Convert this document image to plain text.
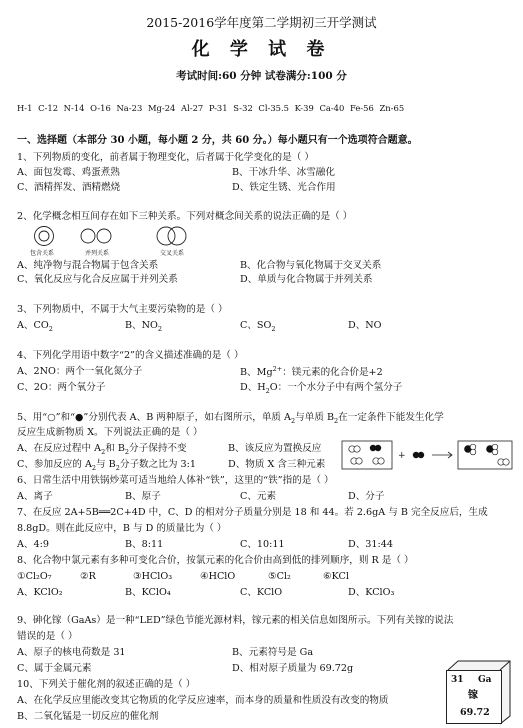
2015-2016学年度第二学期初三开学测试
化 学 试 卷
考试时间:60 分钟 试卷满分:100 分
H-1 C-12 N-14 O-16 Na-23 Mg-24 Al-27 P-31 S-32 Cl-35.5 K-39 Ca-40 Fe-56 Zn-65
一、选择题（本部分 30 小题，每小题 2 分，共 60 分。）每小题只有一个选项符合题意。
1、下列物质的变化，前者属于物理变化，后者属于化学变化的是（ ）
A、面包发霉、鸡蛋煮熟	B、干冰升华、冰雪融化
C、酒精挥发、酒精燃烧	D、铁定生锈、光合作用
2、化学概念相互间存在如下三种关系。下列对概念间关系的说法正确的是（ ）
包含关系	并列关系	交叉关系
A、纯净物与混合物属于包含关系	B、化合物与氧化物属于交叉关系
C、氧化反应与化合反应属于并列关系	D、单质与化合物属于并列关系
3、下列物质中，不属于大气主要污染物的是（ ）
A、$CO_2$	B、$NO_2$	C、$SO_2$	D、NO
4、下列化学用语中数字“2”的含义描述准确的是（ ）
A、2NO：两个一氧化氮分子	B、$Mg^{2+}$：镁元素的化合价是+2
C、2O：两个氧分子	D、$H_2O$：一个水分子中有两个氢分子
5、用“○”和“●”分别代表 A、B 两种原子，如右图所示，单质 $A_2$与单质 $B_2$在一定条件下能发生化学
反应生成新物质 X。下列说法正确的是（ ）
A、在反应过程中 $A_2$和 $B_2$分子保持不变	B、该反应为置换反应
C、参加反应的 $A_2$与 $B_2$分子数之比为 3:1	D、物质 X 含三种元素
+
6、日常生活中用铁锅炒菜可适当地给人体补“铁”，这里的“铁”指的是（ ）
A、离子	B、原子	C、元素	D、分子
7、在反应 2A+5B══2C+4D 中，C、D 的相对分子质量分别是 18 和 44。若 2.6gA 与 B 完全反应后，生成
8.8gD。则在此反应中，B 与 D 的质量比为（ ）
A、4:9	B、8:11	C、10:11	D、31:44
8、化合物中氯元素有多种可变化合价，按氯元素的化合价由高到低的排列顺序，则 R 是（ ）
①Cl₂O₇	②R	③HClO₃	④HClO	⑤Cl₂	⑥KCl
A、KClO₂	B、KClO₄	C、KClO	D、KClO₃
9、砷化镓（GaAs）是一种“LED”绿色节能光源材料，镓元素的相关信息如图所示。下列有关镓的说法
错误的是（ ）
A、原子的核电荷数是 31	B、元素符号是 Ga
C、属于金属元素	D、相对原子质量为 69.72g
10、下列关于催化剂的叙述正确的是（ ）
A、在化学反应里能改变其它物质的化学反应速率，而本身的质量和性质没有改变的物质
B、二氧化锰是一切反应的催化剂
31 Ga
镓
69.72
